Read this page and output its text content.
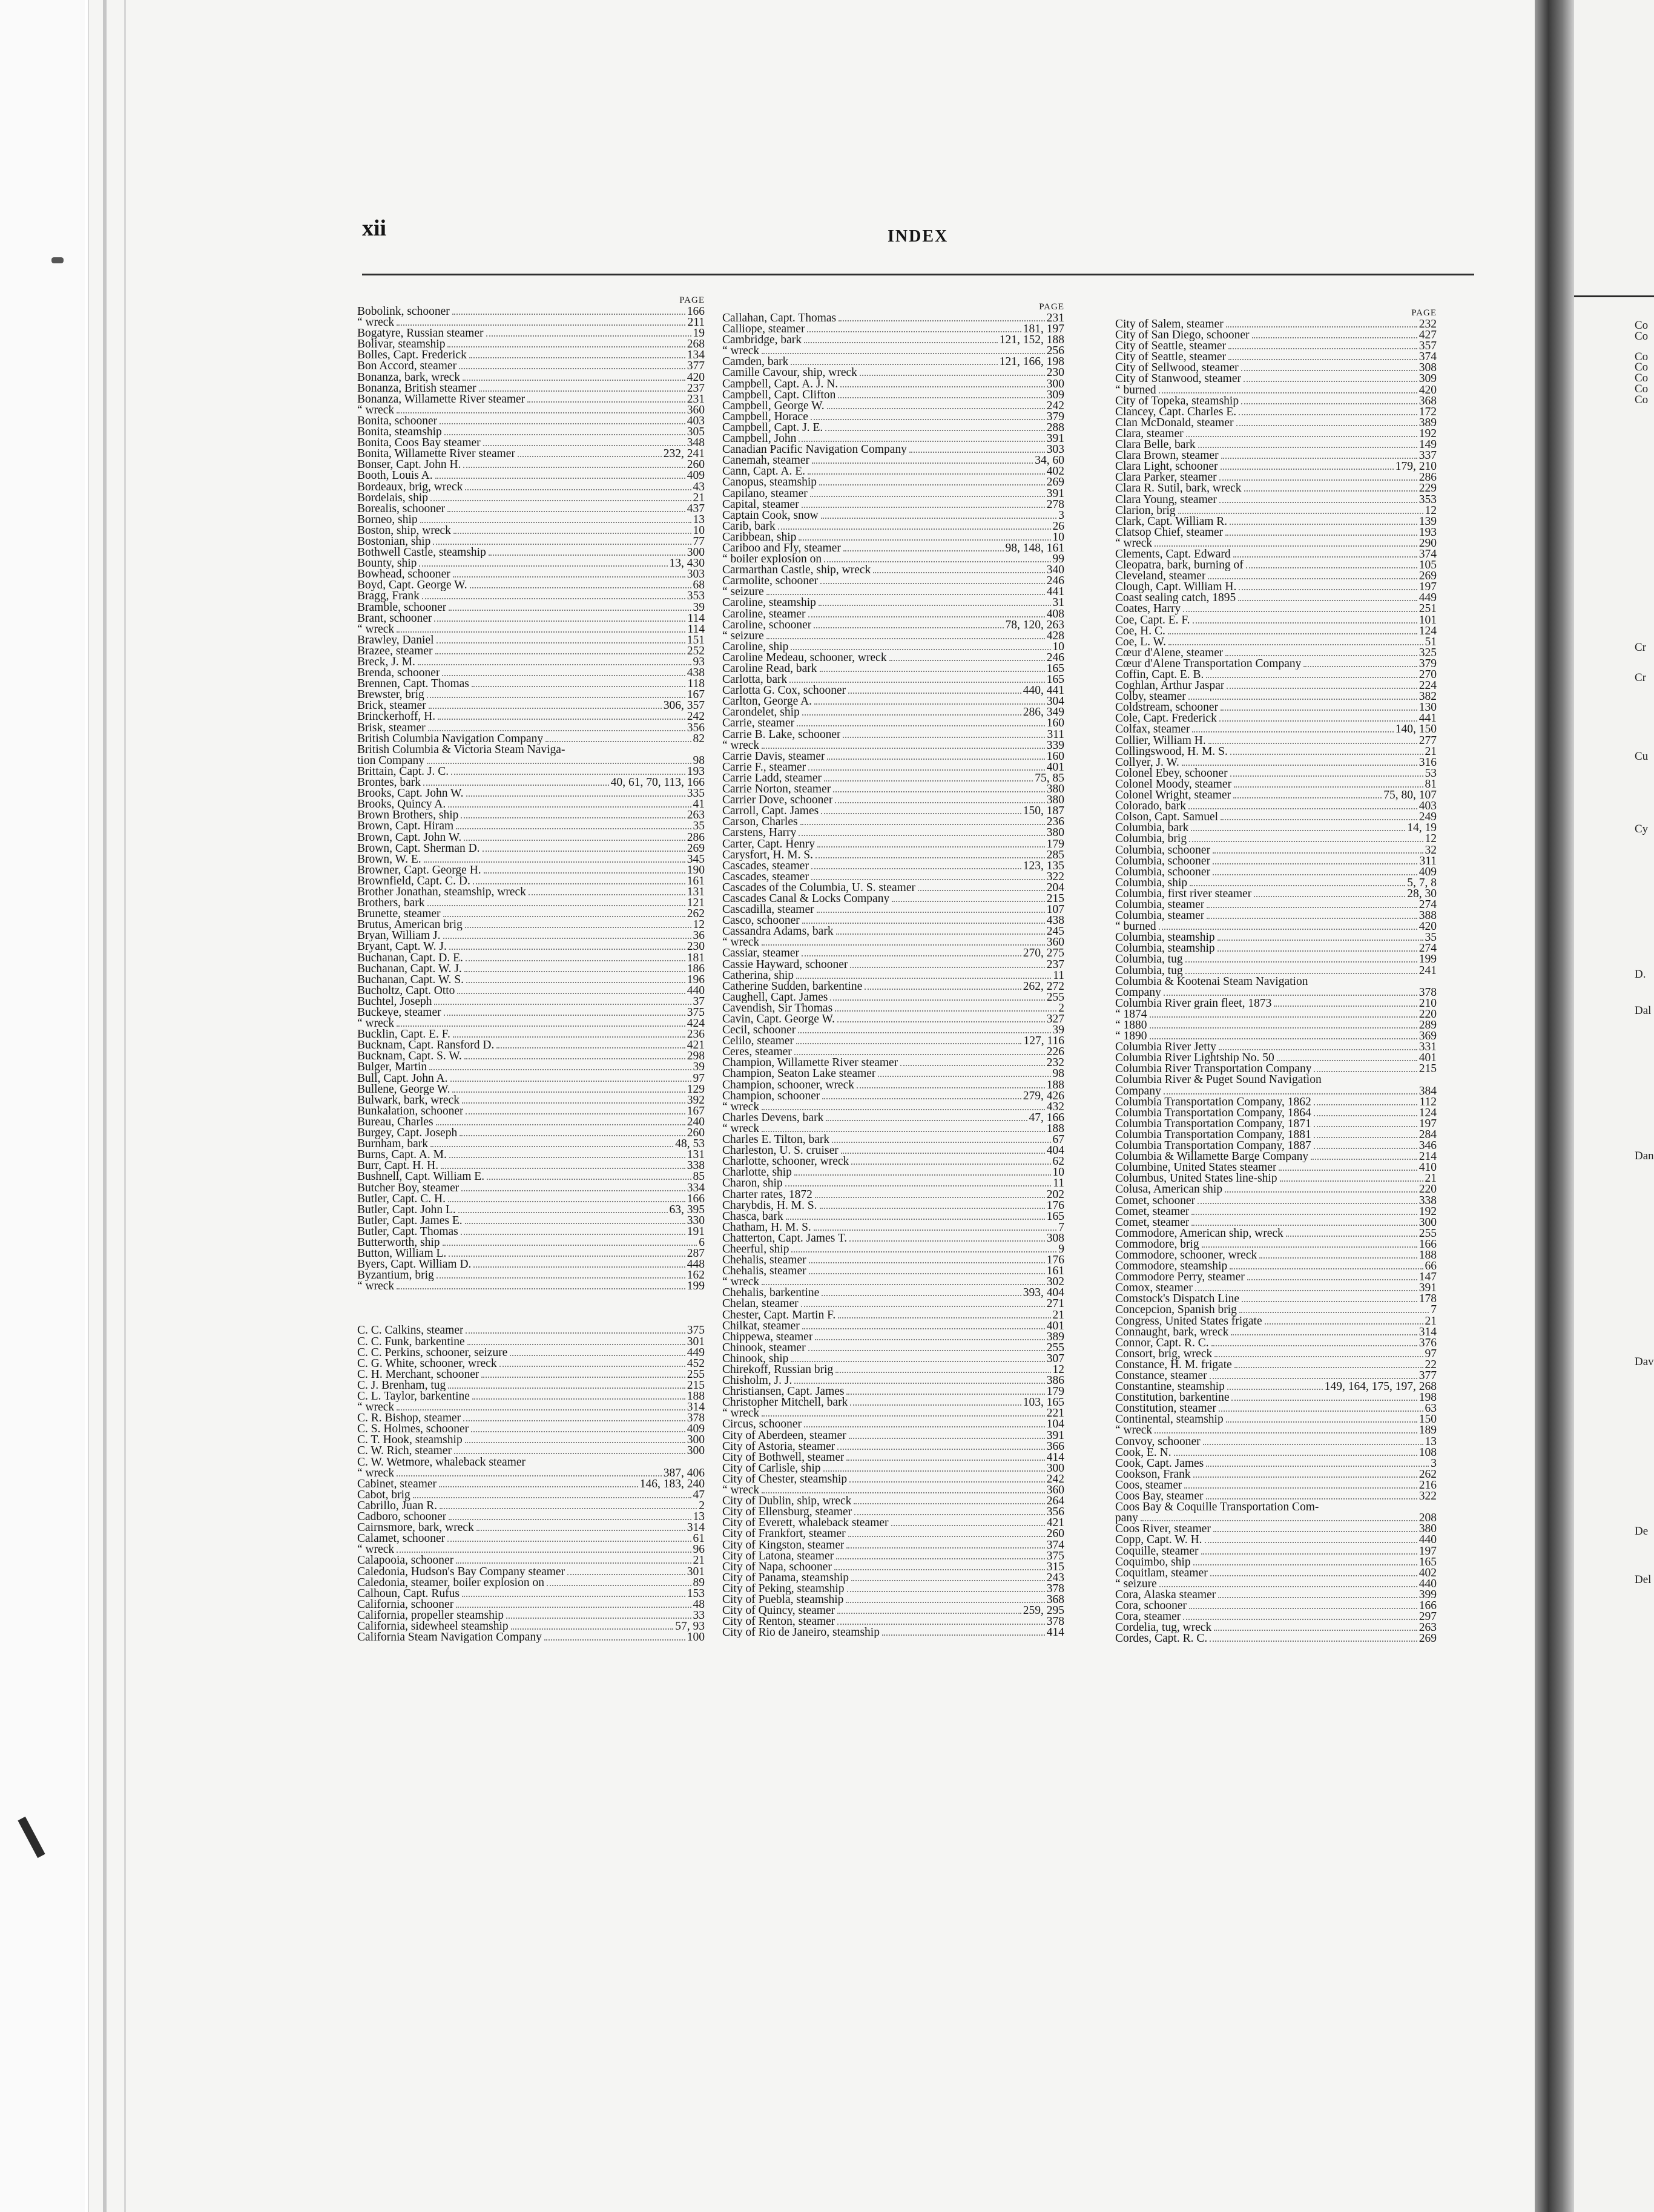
xii	INDEX
PAGE
Bobolink, schooner	166
“ wreck	211
Bogatyre, Russian steamer	19
Bolivar, steamship	268
Bolles, Capt. Frederick	134
Bon Accord, steamer	377
Bonanza, bark, wreck	420
Bonanza, British steamer	237
Bonanza, Willamette River steamer	231
“ wreck	360
Bonita, schooner	403
Bonita, steamship	305
Bonita, Coos Bay steamer	348
Bonita, Willamette River steamer	232, 241
Bonser, Capt. John H.	260
Booth, Louis A.	409
Bordeaux, brig, wreck	43
Bordelais, ship	21
Borealis, schooner	437
Borneo, ship	13
Boston, ship, wreck	10
Bostonian, ship	77
Bothwell Castle, steamship	300
Bounty, ship	13, 430
Bowhead, schooner	303
Boyd, Capt. George W.	68
Bragg, Frank	353
Bramble, schooner	39
Brant, schooner	114
“ wreck	114
Brawley, Daniel	151
Brazee, steamer	252
Breck, J. M.	93
Brenda, schooner	438
Brennen, Capt. Thomas	118
Brewster, brig	167
Brick, steamer	306, 357
Brinckerhoff, H.	242
Brisk, steamer	356
British Columbia Navigation Company	82
British Columbia & Victoria Steam Naviga-
tion Company	98
Brittain, Capt. J. C.	193
Brontes, bark	40, 61, 70, 113, 166
Brooks, Capt. John W.	335
Brooks, Quincy A.	41
Brown Brothers, ship	263
Brown, Capt. Hiram	35
Brown, Capt. John W.	286
Brown, Capt. Sherman D.	269
Brown, W. E.	345
Browner, Capt. George H.	190
Brownfield, Capt. C. D.	161
Brother Jonathan, steamship, wreck	131
Brothers, bark	121
Brunette, steamer	262
Brutus, American brig	12
Bryan, William J.	36
Bryant, Capt. W. J.	230
Buchanan, Capt. D. E.	181
Buchanan, Capt. W. J.	186
Buchanan, Capt. W. S.	196
Bucholtz, Capt. Otto	440
Buchtel, Joseph	37
Buckeye, steamer	375
“ wreck	424
Bucklin, Capt. E. F.	236
Bucknam, Capt. Ransford D.	421
Bucknam, Capt. S. W.	298
Bulger, Martin	39
Bull, Capt. John A.	97
Bullene, George W.	129
Bulwark, bark, wreck	392
Bunkalation, schooner	167
Bureau, Charles	240
Burgey, Capt. Joseph	260
Burnham, bark	48, 53
Burns, Capt. A. M.	131
Burr, Capt. H. H.	338
Bushnell, Capt. William E.	85
Butcher Boy, steamer	334
Butler, Capt. C. H.	166
Butler, Capt. John L.	63, 395
Butler, Capt. James E.	330
Butler, Capt. Thomas	191
Butterworth, ship	6
Button, William L.	287
Byers, Capt. William D.	448
Byzantium, brig	162
“ wreck	199
C. C. Calkins, steamer	375
C. C. Funk, barkentine	301
C. C. Perkins, schooner, seizure	449
C. G. White, schooner, wreck	452
C. H. Merchant, schooner	255
C. J. Brenham, tug	215
C. L. Taylor, barkentine	188
“ wreck	314
C. R. Bishop, steamer	378
C. S. Holmes, schooner	409
C. T. Hook, steamship	300
C. W. Rich, steamer	300
C. W. Wetmore, whaleback steamer
“ wreck	387, 406
Cabinet, steamer	146, 183, 240
Cabot, brig	47
Cabrillo, Juan R.	2
Cadboro, schooner	13
Cairnsmore, bark, wreck	314
Calamet, schooner	61
“ wreck	96
Calapooia, schooner	21
Caledonia, Hudson's Bay Company steamer	301
Caledonia, steamer, boiler explosion on	89
Calhoun, Capt. Rufus	153
California, schooner	48
California, propeller steamship	33
California, sidewheel steamship	57, 93
California Steam Navigation Company	100
PAGE
Callahan, Capt. Thomas	231
Calliope, steamer	181, 197
Cambridge, bark	121, 152, 188
“ wreck	256
Camden, bark	121, 166, 198
Camille Cavour, ship, wreck	230
Campbell, Capt. A. J. N.	300
Campbell, Capt. Clifton	309
Campbell, George W.	242
Campbell, Horace	379
Campbell, Capt. J. E.	288
Campbell, John	391
Canadian Pacific Navigation Company	303
Canemah, steamer	34, 60
Cann, Capt. A. E.	402
Canopus, steamship	269
Capilano, steamer	391
Capital, steamer	278
Captain Cook, snow	3
Carib, bark	26
Caribbean, ship	10
Cariboo and Fly, steamer	98, 148, 161
“ boiler explosion on	99
Carmarthan Castle, ship, wreck	340
Carmolite, schooner	246
“ seizure	441
Caroline, steamship	31
Caroline, steamer	408
Caroline, schooner	78, 120, 263
“ seizure	428
Caroline, ship	10
Caroline Medeau, schooner, wreck	246
Caroline Read, bark	165
Carlotta, bark	165
Carlotta G. Cox, schooner	440, 441
Carlton, George A.	304
Carondelet, ship	286, 349
Carrie, steamer	160
Carrie B. Lake, schooner	311
“ wreck	339
Carrie Davis, steamer	160
Carrie F., steamer	401
Carrie Ladd, steamer	75, 85
Carrie Norton, steamer	380
Carrier Dove, schooner	380
Carroll, Capt. James	150, 187
Carson, Charles	236
Carstens, Harry	380
Carter, Capt. Henry	179
Carysfort, H. M. S.	285
Cascades, steamer	123, 135
Cascades, steamer	322
Cascades of the Columbia, U. S. steamer	204
Cascades Canal & Locks Company	215
Cascadilla, steamer	107
Casco, schooner	438
Cassandra Adams, bark	245
“ wreck	360
Cassiar, steamer	270, 275
Cassie Hayward, schooner	237
Catherina, ship	11
Catherine Sudden, barkentine	262, 272
Caughell, Capt. James	255
Cavendish, Sir Thomas	2
Cavin, Capt. George W.	327
Cecil, schooner	39
Celilo, steamer	127, 116
Ceres, steamer	226
Champion, Willamette River steamer	232
Champion, Seaton Lake steamer	98
Champion, schooner, wreck	188
Champion, schooner	279, 426
“ wreck	432
Charles Devens, bark	47, 166
“ wreck	188
Charles E. Tilton, bark	67
Charleston, U. S. cruiser	404
Charlotte, schooner, wreck	62
Charlotte, ship	10
Charon, ship	11
Charter rates, 1872	202
Charybdis, H. M. S.	176
Chasca, bark	165
Chatham, H. M. S.	7
Chatterton, Capt. James T.	308
Cheerful, ship	9
Chehalis, steamer	176
Chehalis, steamer	161
“ wreck	302
Chehalis, barkentine	393, 404
Chelan, steamer	271
Chester, Capt. Martin F.	21
Chilkat, steamer	401
Chippewa, steamer	389
Chinook, steamer	255
Chinook, ship	307
Chirekoff, Russian brig	12
Chisholm, J. J.	386
Christiansen, Capt. James	179
Christopher Mitchell, bark	103, 165
“ wreck	221
Circus, schooner	104
City of Aberdeen, steamer	391
City of Astoria, steamer	366
City of Bothwell, steamer	414
City of Carlisle, ship	300
City of Chester, steamship	242
“ wreck	360
City of Dublin, ship, wreck	264
City of Ellensburg, steamer	356
City of Everett, whaleback steamer	421
City of Frankfort, steamer	260
City of Kingston, steamer	374
City of Latona, steamer	375
City of Napa, schooner	315
City of Panama, steamship	243
City of Peking, steamship	378
City of Puebla, steamship	368
City of Quincy, steamer	259, 295
City of Renton, steamer	378
City of Rio de Janeiro, steamship	414
PAGE
City of Salem, steamer	232
City of San Diego, schooner	427
City of Seattle, steamer	357
City of Seattle, steamer	374
City of Sellwood, steamer	308
City of Stanwood, steamer	309
“ burned	420
City of Topeka, steamship	368
Clancey, Capt. Charles E.	172
Clan McDonald, steamer	389
Clara, steamer	192
Clara Belle, bark	149
Clara Brown, steamer	337
Clara Light, schooner	179, 210
Clara Parker, steamer	286
Clara R. Sutil, bark, wreck	229
Clara Young, steamer	353
Clarion, brig	12
Clark, Capt. William R.	139
Clatsop Chief, steamer	193
“ wreck	290
Clements, Capt. Edward	374
Cleopatra, bark, burning of	105
Cleveland, steamer	269
Clough, Capt. William H.	197
Coast sealing catch, 1895	449
Coates, Harry	251
Coe, Capt. E. F.	101
Coe, H. C.	124
Coe, L. W.	51
Cœur d'Alene, steamer	325
Cœur d'Alene Transportation Company	379
Coffin, Capt. E. B.	270
Coghlan, Arthur Jaspar	224
Colby, steamer	382
Coldstream, schooner	130
Cole, Capt. Frederick	441
Colfax, steamer	140, 150
Collier, William H.	277
Collingswood, H. M. S.	21
Collyer, J. W.	316
Colonel Ebey, schooner	53
Colonel Moody, steamer	81
Colonel Wright, steamer	75, 80, 107
Colorado, bark	403
Colson, Capt. Samuel	249
Columbia, bark	14, 19
Columbia, brig	12
Columbia, schooner	32
Columbia, schooner	311
Columbia, schooner	409
Columbia, ship	5, 7, 8
Columbia, first river steamer	28, 30
Columbia, steamer	274
Columbia, steamer	388
“ burned	420
Columbia, steamship	35
Columbia, steamship	274
Columbia, tug	199
Columbia, tug	241
Columbia & Kootenai Steam Navigation
Company	378
Columbia River grain fleet, 1873	210
“ 1874	220
“ 1880	289
“ 1890	369
Columbia River Jetty	331
Columbia River Lightship No. 50	401
Columbia River Transportation Company	215
Columbia River & Puget Sound Navigation
Company	384
Columbia Transportation Company, 1862	112
Columbia Transportation Company, 1864	124
Columbia Transportation Company, 1871	197
Columbia Transportation Company, 1881	284
Columbia Transportation Company, 1887	346
Columbia & Willamette Barge Company	214
Columbine, United States steamer	410
Columbus, United States line-ship	21
Colusa, American ship	220
Comet, schooner	338
Comet, steamer	192
Comet, steamer	300
Commodore, American ship, wreck	255
Commodore, brig	166
Commodore, schooner, wreck	188
Commodore, steamship	66
Commodore Perry, steamer	147
Comox, steamer	391
Comstock's Dispatch Line	178
Concepcion, Spanish brig	7
Congress, United States frigate	21
Connaught, bark, wreck	314
Connor, Capt. R. C.	376
Consort, brig, wreck	97
Constance, H. M. frigate	22
Constance, steamer	377
Constantine, steamship	149, 164, 175, 197, 268
Constitution, barkentine	198
Constitution, steamer	63
Continental, steamship	150
“ wreck	189
Convoy, schooner	13
Cook, E. N.	108
Cook, Capt. James	3
Cookson, Frank	262
Coos, steamer	216
Coos Bay, steamer	322
Coos Bay & Coquille Transportation Com-
pany	208
Coos River, steamer	380
Copp, Capt. W. H.	440
Coquille, steamer	197
Coquimbo, ship	165
Coquitlam, steamer	402
“ seizure	440
Cora, Alaska steamer	399
Cora, schooner	166
Cora, steamer	297
Cordelia, tug, wreck	263
Cordes, Capt. R. C.	269
Co
Co
Co
Co
Co
Co
Co
Cr
Cr
Cu
Cy
D.
Dal
Dan
Dav
De
Del
